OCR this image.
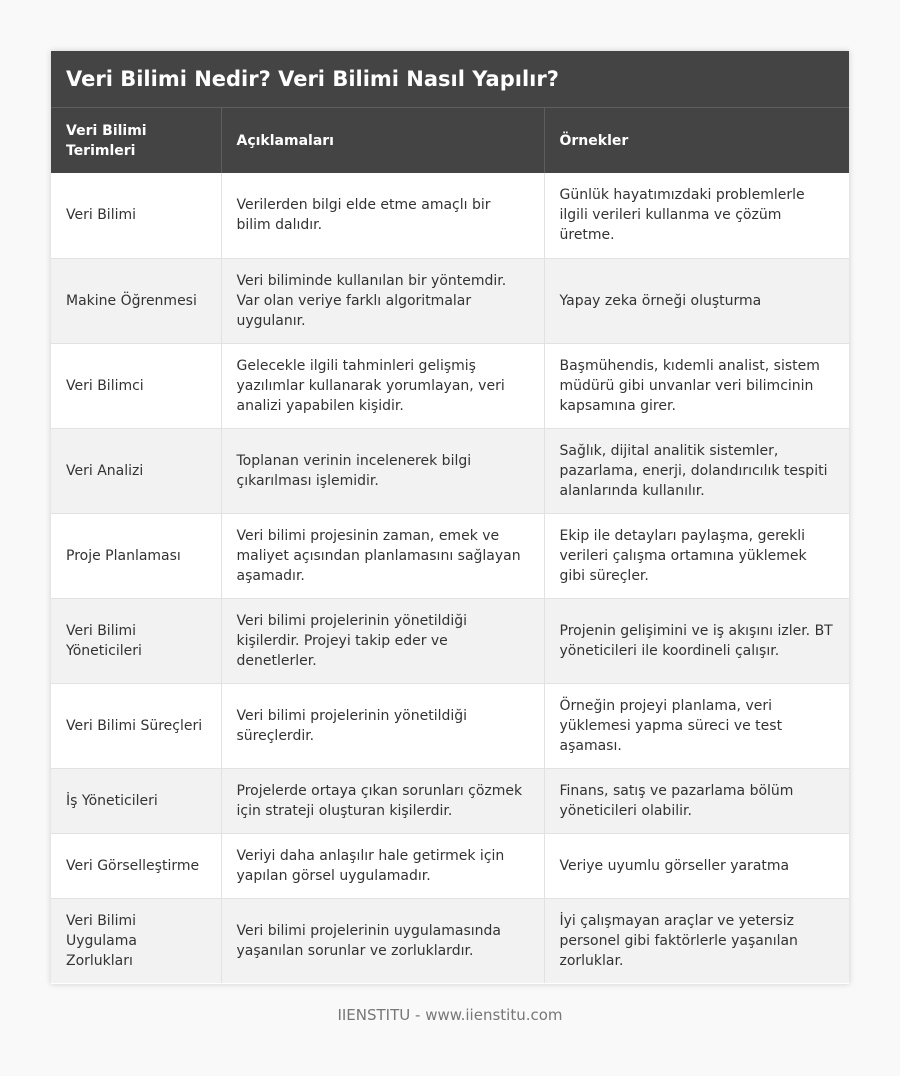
Veri Bilimi Nedir? Veri Bilimi Nasıl Yapılır?
Veri Bilimi Terimleri	Açıklamaları	Örnekler
Veri Bilimi	Verilerden bilgi elde etme amaçlı bir bilim dalıdır.	Günlük hayatımızdaki problemlerle ilgili verileri kullanma ve çözüm üretme.
Makine Öğrenmesi	Veri biliminde kullanılan bir yöntemdir. Var olan veriye farklı algoritmalar uygulanır.	Yapay zeka örneği oluşturma
Veri Bilimci	Gelecekle ilgili tahminleri gelişmiş yazılımlar kullanarak yorumlayan, veri analizi yapabilen kişidir.	Başmühendis, kıdemli analist, sistem müdürü gibi unvanlar veri bilimcinin kapsamına girer.
Veri Analizi	Toplanan verinin incelenerek bilgi çıkarılması işlemidir.	Sağlık, dijital analitik sistemler, pazarlama, enerji, dolandırıcılık tespiti alanlarında kullanılır.
Proje Planlaması	Veri bilimi projesinin zaman, emek ve maliyet açısından planlamasını sağlayan aşamadır.	Ekip ile detayları paylaşma, gerekli verileri çalışma ortamına yüklemek gibi süreçler.
Veri Bilimi Yöneticileri	Veri bilimi projelerinin yönetildiği kişilerdir. Projeyi takip eder ve denetlerler.	Projenin gelişimini ve iş akışını izler. BT yöneticileri ile koordineli çalışır.
Veri Bilimi Süreçleri	Veri bilimi projelerinin yönetildiği süreçlerdir.	Örneğin projeyi planlama, veri yüklemesi yapma süreci ve test aşaması.
İş Yöneticileri	Projelerde ortaya çıkan sorunları çözmek için strateji oluşturan kişilerdir.	Finans, satış ve pazarlama bölüm yöneticileri olabilir.
Veri Görselleştirme	Veriyi daha anlaşılır hale getirmek için yapılan görsel uygulamadır.	Veriye uyumlu görseller yaratma
Veri Bilimi Uygulama Zorlukları	Veri bilimi projelerinin uygulamasında yaşanılan sorunlar ve zorluklardır.	İyi çalışmayan araçlar ve yetersiz personel gibi faktörlerle yaşanılan zorluklar.
IIENSTITU - www.iienstitu.com
